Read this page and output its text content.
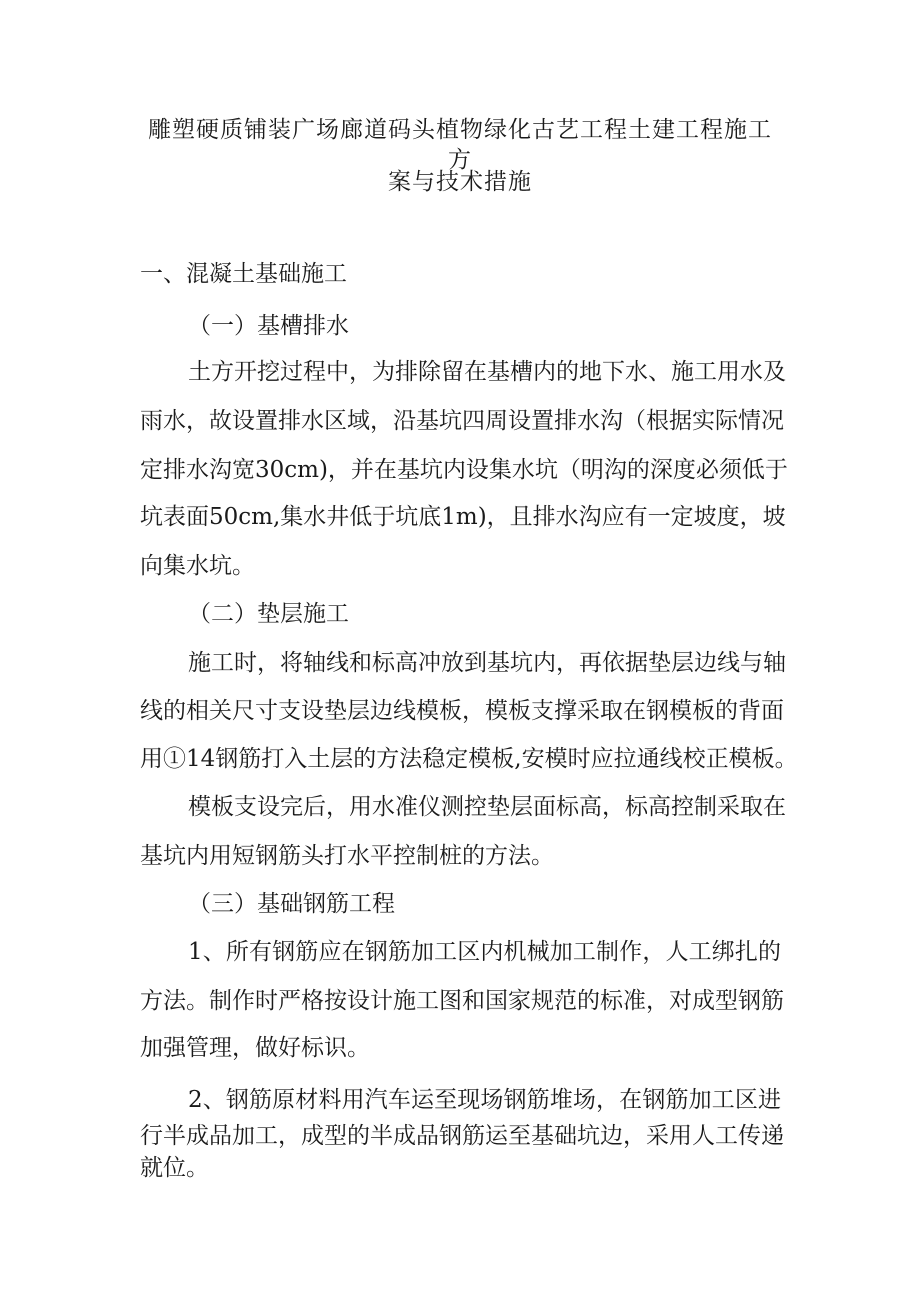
雕塑硬质铺装广场廊道码头植物绿化古艺工程土建工程施工方
案与技术措施
一、混凝土基础施工
（一）基槽排水
土方开挖过程中，为排除留在基槽内的地下水、施工用水及
雨水，故设置排水区域，沿基坑四周设置排水沟（根据实际情况
定排水沟宽30cm)，并在基坑内设集水坑（明沟的深度必须低于
坑表面50cm,集水井低于坑底1m)，且排水沟应有一定坡度，坡
向集水坑。
（二）垫层施工
施工时，将轴线和标高冲放到基坑内，再依据垫层边线与轴
线的相关尺寸支设垫层边线模板，模板支撑采取在钢模板的背面
用①14钢筋打入土层的方法稳定模板,安模时应拉通线校正模板。
模板支设完后，用水准仪测控垫层面标高，标高控制采取在
基坑内用短钢筋头打水平控制桩的方法。
（三）基础钢筋工程
1、所有钢筋应在钢筋加工区内机械加工制作，人工绑扎的
方法。制作时严格按设计施工图和国家规范的标准，对成型钢筋
加强管理，做好标识。
2、钢筋原材料用汽车运至现场钢筋堆场，在钢筋加工区进
行半成品加工，成型的半成品钢筋运至基础坑边，采用人工传递
就位。
